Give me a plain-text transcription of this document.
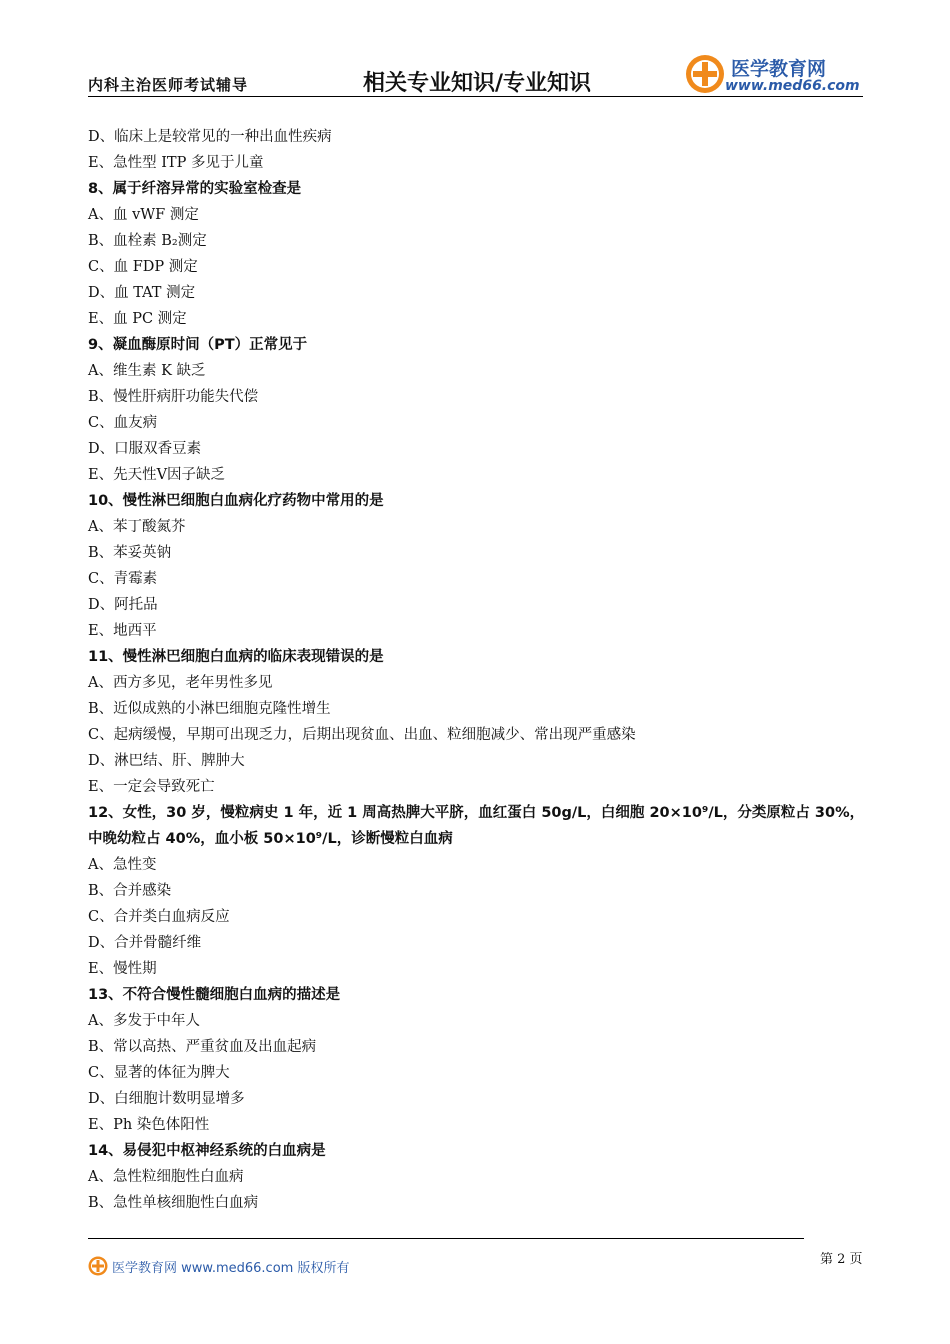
内科主治医师考试辅导	相关专业知识/专业知识
医学教育网
www.med66.com
D、临床上是较常见的一种出血性疾病
E、急性型 ITP 多见于儿童
8、属于纤溶异常的实验室检查是
A、血 vWF 测定
B、血栓素 B₂测定
C、血 FDP 测定
D、血 TAT 测定
E、血 PC 测定
9、凝血酶原时间（PT）正常见于
A、维生素 K 缺乏
B、慢性肝病肝功能失代偿
C、血友病
D、口服双香豆素
E、先天性Ⅴ因子缺乏
10、慢性淋巴细胞白血病化疗药物中常用的是
A、苯丁酸氮芥
B、苯妥英钠
C、青霉素
D、阿托品
E、地西平
11、慢性淋巴细胞白血病的临床表现错误的是
A、西方多见，老年男性多见
B、近似成熟的小淋巴细胞克隆性增生
C、起病缓慢，早期可出现乏力，后期出现贫血、出血、粒细胞减少、常出现严重感染
D、淋巴结、肝、脾肿大
E、一定会导致死亡
12、女性，30 岁，慢粒病史 1 年，近 1 周高热脾大平脐，血红蛋白 50g/L，白细胞 20×10⁹/L，分类原粒占 30%，中晚幼粒占 40%，血小板 50×10⁹/L，诊断慢粒白血病
A、急性变
B、合并感染
C、合并类白血病反应
D、合并骨髓纤维
E、慢性期
13、不符合慢性髓细胞白血病的描述是
A、多发于中年人
B、常以高热、严重贫血及出血起病
C、显著的体征为脾大
D、白细胞计数明显增多
E、Ph 染色体阳性
14、易侵犯中枢神经系统的白血病是
A、急性粒细胞性白血病
B、急性单核细胞性白血病
医学教育网 www.med66.com 版权所有
第 2 页
